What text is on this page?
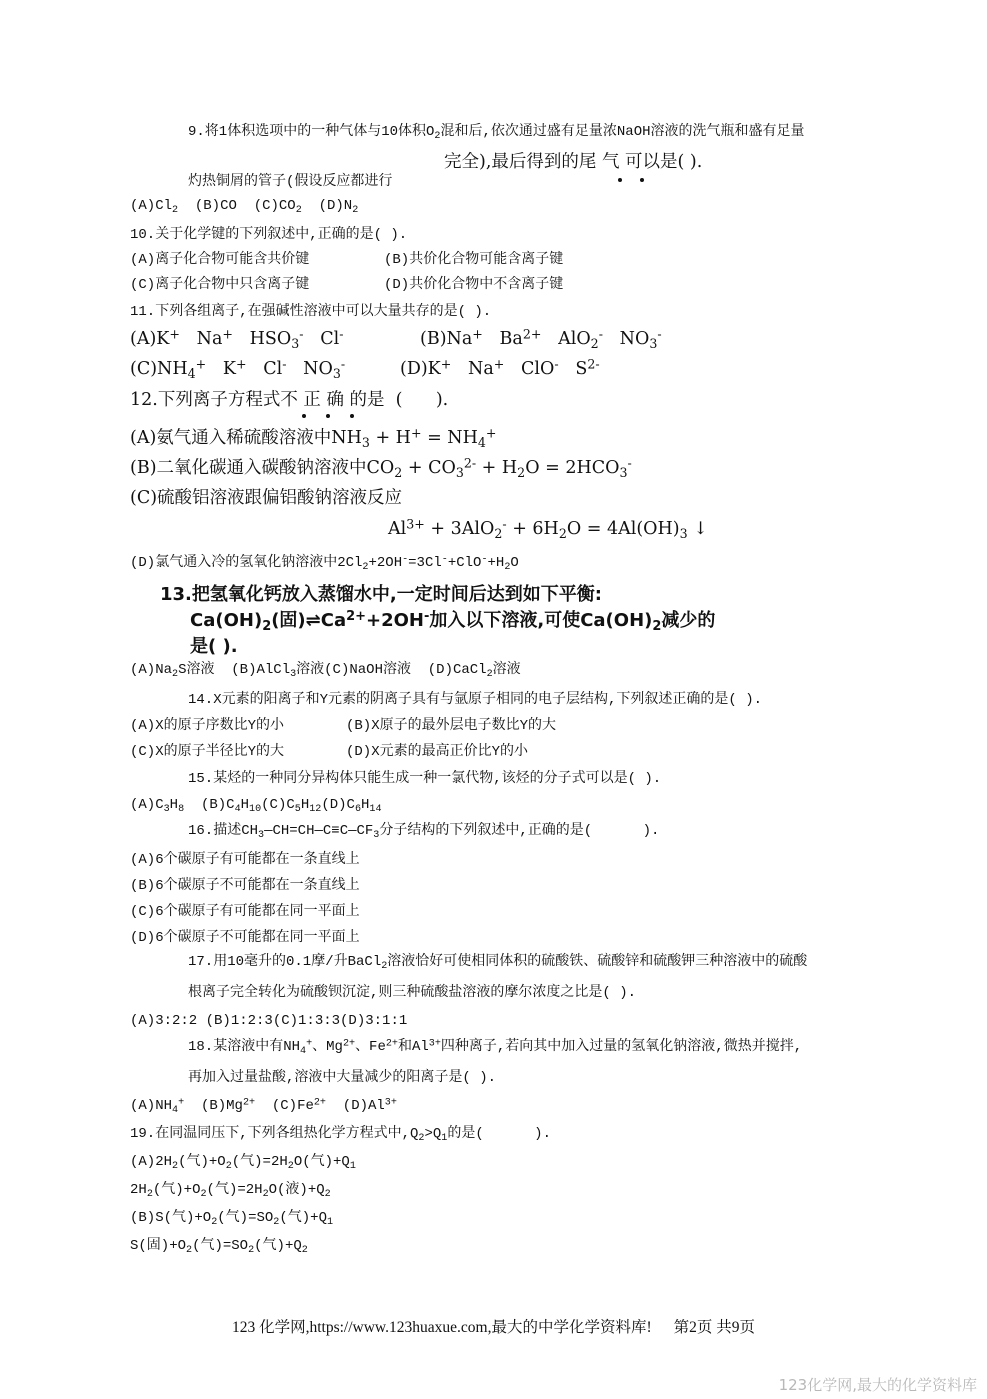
9.将1体积选项中的一种气体与10体积$O_2$混和后,依次通过盛有足量浓NaOH溶液的洗气瓶和盛有足量
完全),最后得到的尾 气 可以是( ).
灼热铜屑的管子(假设反应都进行
$(A)Cl_2$  (B)CO  $(C)CO_2$  $(D)N_2$
10.关于化学键的下列叙述中,正确的是( ).
(A)离子化合物可能含共价键	(B)共价化合物可能含离子键
(C)离子化合物中只含离子键	(D)共价化合物中不含离子键
11.下列各组离子,在强碱性溶液中可以大量共存的是( ).
(A)K+   Na+   $HSO_3^-$   Cl-	(B)Na+   $Ba^{2+}$   AlO$_2$-   $NO_3^-$
$(C)NH_4^+$   K+   Cl-   $NO_3^-$	(D)K+   Na+   ClO-   $S^{2-}$
12.下列离子方程式不 正 确 的是  (      ).
(A)氨气通入稀硫酸溶液中$NH_3 + H^+ = NH_4^+$
(B)二氧化碳通入碳酸钠溶液中$CO_2 + CO_3^{2-} + H_2O = 2HCO_3^-$
(C)硫酸铝溶液跟偏铝酸钠溶液反应
$Al^{3+} + 3AlO_2^- + 6H_2O = 4Al(OH)_3$ ↓
(D)氯气通入冷的氢氧化钠溶液中$2Cl_2+2OH^-=3Cl^-+ClO^-+H_2O$
13.把氢氧化钙放入蒸馏水中,一定时间后达到如下平衡:
$Ca(OH)_2$(固)$\rightleftharpoons Ca^{2+}+2OH^-$加入以下溶液,可使$Ca(OH)_2$减少的
是( ).
$(A)Na_2S$溶液  (B)AlCl$_3$溶液(C)NaOH溶液  (D)CaCl$_2$溶液
14.X元素的阳离子和Y元素的阴离子具有与氩原子相同的电子层结构,下列叙述正确的是( ).
(A)X的原子序数比Y的小	(B)X原子的最外层电子数比Y的大
(C)X的原子半径比Y的大	(D)X元素的最高正价比Y的小
15.某烃的一种同分异构体只能生成一种一氯代物,该烃的分子式可以是( ).
$(A)C_3H_8$  $(B)C_4H_{10}(C)C_5H_{12}(D)C_6H_{14}$
16.描述$CH_3—CH=CH—C\equiv C—CF_3$分子结构的下列叙述中,正确的是(      ).
(A)6个碳原子有可能都在一条直线上
(B)6个碳原子不可能都在一条直线上
(C)6个碳原子有可能都在同一平面上
(D)6个碳原子不可能都在同一平面上
17.用10毫升的0.1摩/升BaCl$_2$溶液恰好可使相同体积的硫酸铁、硫酸锌和硫酸钾三种溶液中的硫酸
根离子完全转化为硫酸钡沉淀,则三种硫酸盐溶液的摩尔浓度之比是( ).
(A)3:2:2 (B)1:2:3(C)1:3:3(D)3:1:1
18.某溶液中有$NH_4^+$、$Mg^{2+}$、$Fe^{2+}$和$Al^{3+}$四种离子,若向其中加入过量的氢氧化钠溶液,微热并搅拌,
再加入过量盐酸,溶液中大量减少的阳离子是( ).
$(A)NH_4^+$  $(B)Mg^{2+}$  $(C)Fe^{2+}$  $(D)Al^{3+}$
19.在同温同压下,下列各组热化学方程式中$,Q_2>Q_1$的是(      ).
$(A)2H_2$(气)$+O_2$(气)$=2H_2O$(气)$+Q_1$
$2H_2$(气)$+O_2$(气)$=2H_2O$(液)$+Q_2$
(B)S(气)$+O_2$(气)$=SO_2$(气)$+Q_1$
S(固)$+O_2$(气)$=SO_2$(气)$+Q_2$
123 化学网,https://www.123huaxue.com,最大的中学化学资料库! 第2页 共9页
123化学网,最大的化学资料库
